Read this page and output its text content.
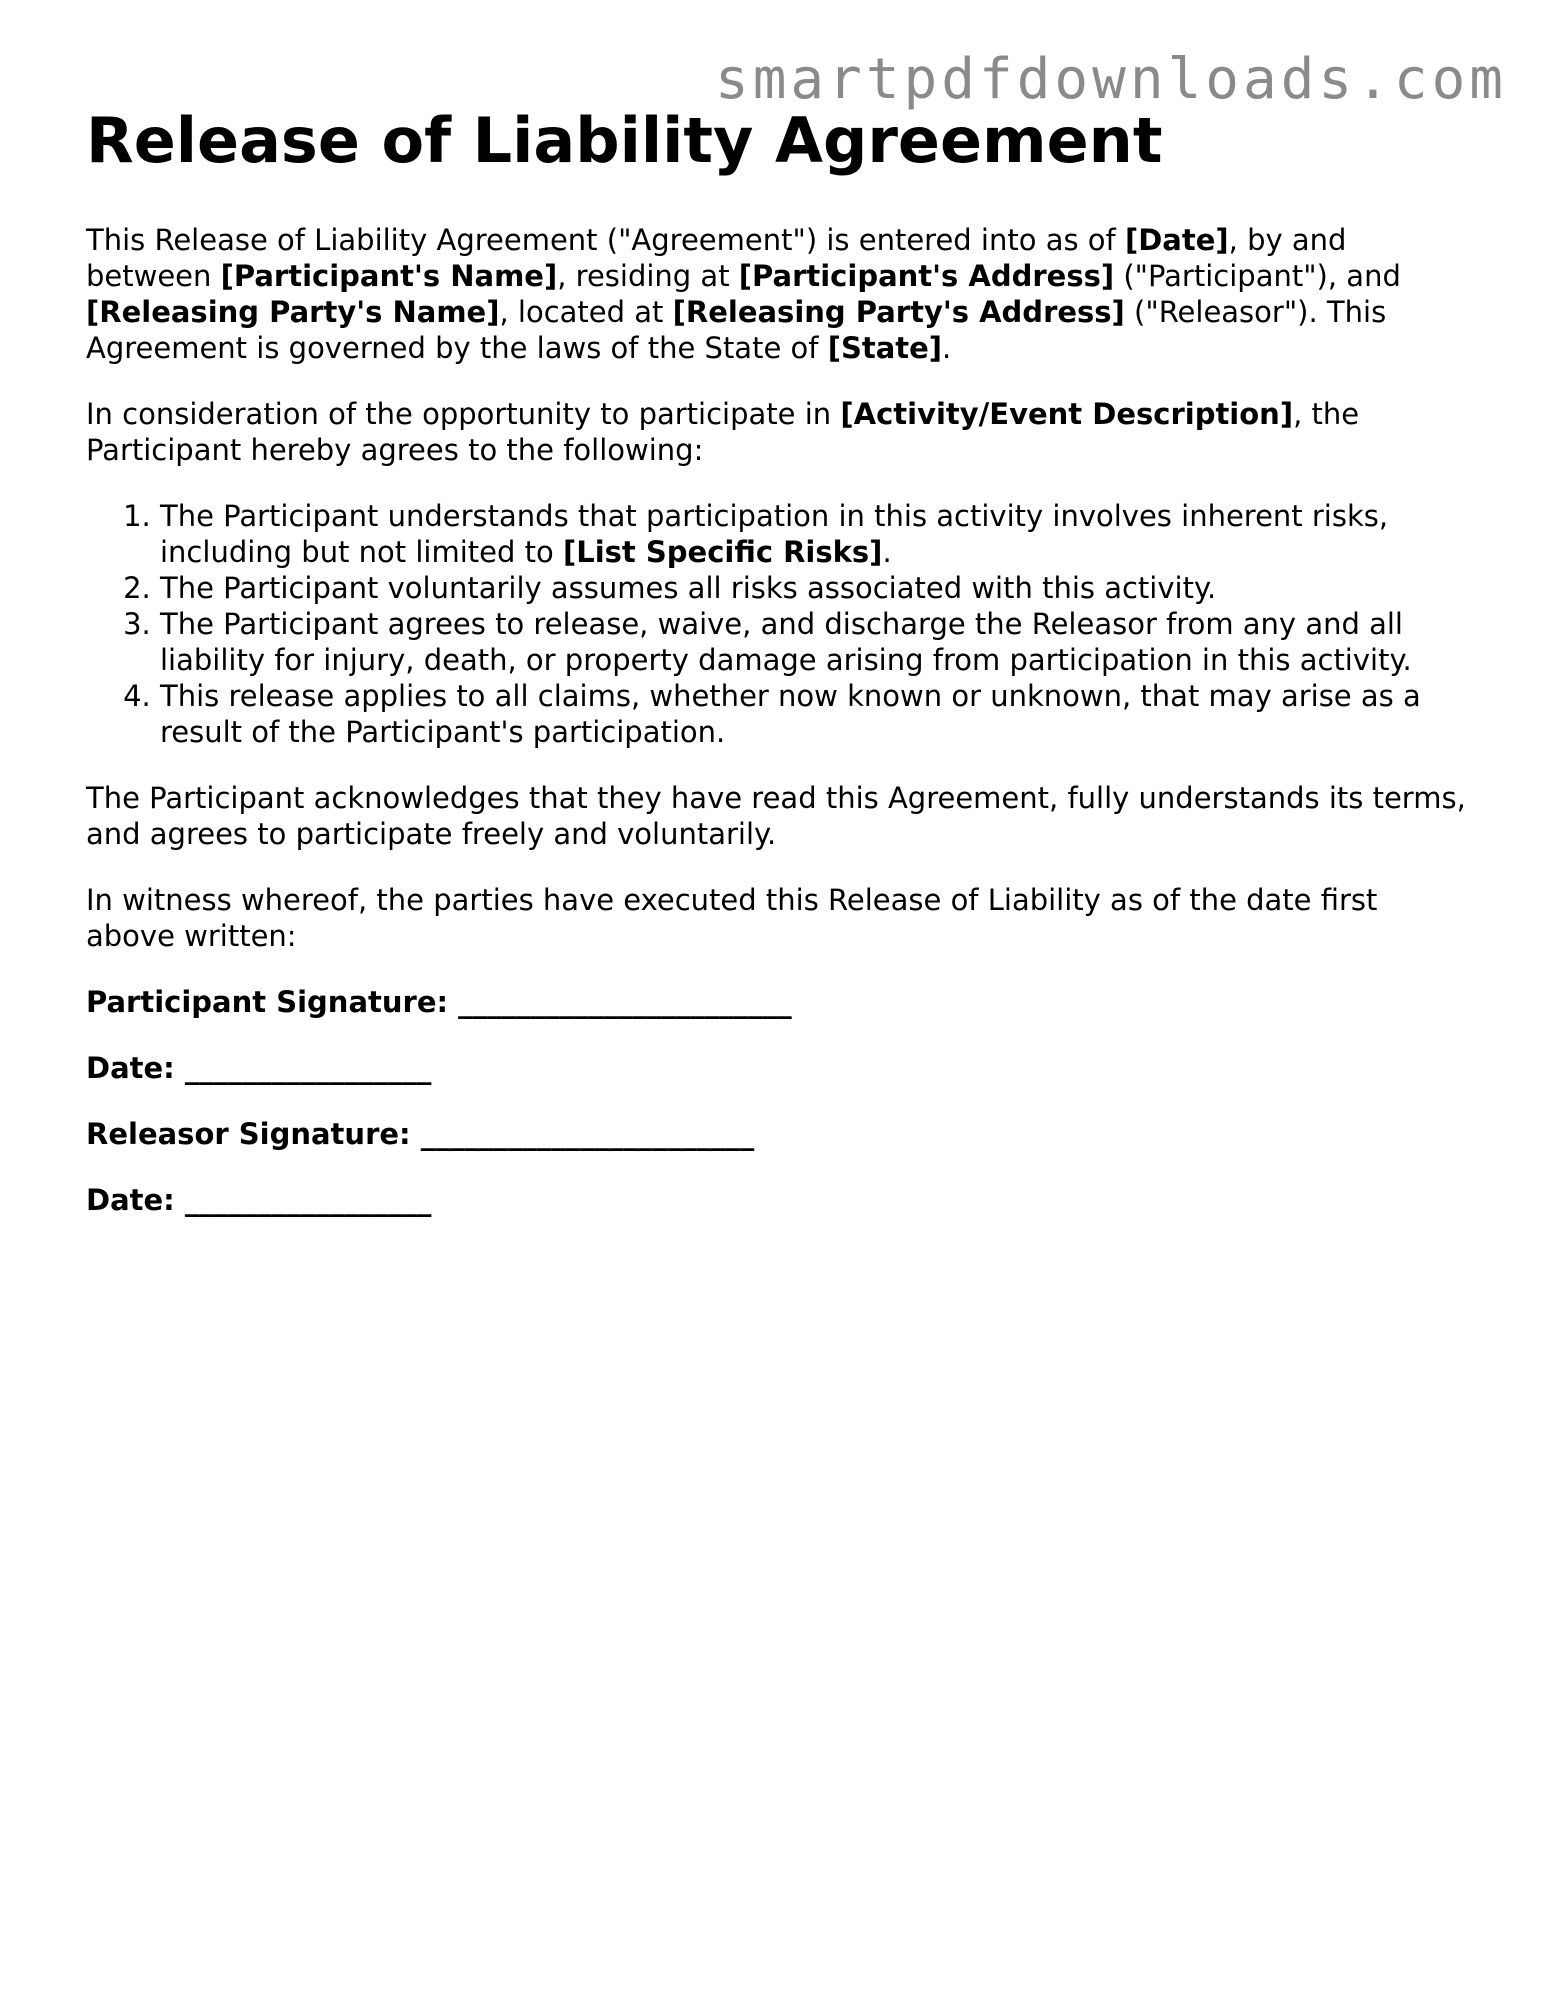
smartpdfdownloads.com
Release of Liability Agreement

This Release of Liability Agreement ("Agreement") is entered into as of [Date], by and between [Participant's Name], residing at [Participant's Address] ("Participant"), and [Releasing Party's Name], located at [Releasing Party's Address] ("Releasor"). This Agreement is governed by the laws of the State of [State].

In consideration of the opportunity to participate in [Activity/Event Description], the Participant hereby agrees to the following:

1. The Participant understands that participation in this activity involves inherent risks, including but not limited to [List Specific Risks].
2. The Participant voluntarily assumes all risks associated with this activity.
3. The Participant agrees to release, waive, and discharge the Releasor from any and all liability for injury, death, or property damage arising from participation in this activity.
4. This release applies to all claims, whether now known or unknown, that may arise as a result of the Participant's participation.

The Participant acknowledges that they have read this Agreement, fully understands its terms, and agrees to participate freely and voluntarily.

In witness whereof, the parties have executed this Release of Liability as of the date first above written:

Participant Signature: _______________________
Date: _________________
Releasor Signature: _______________________
Date: _________________
